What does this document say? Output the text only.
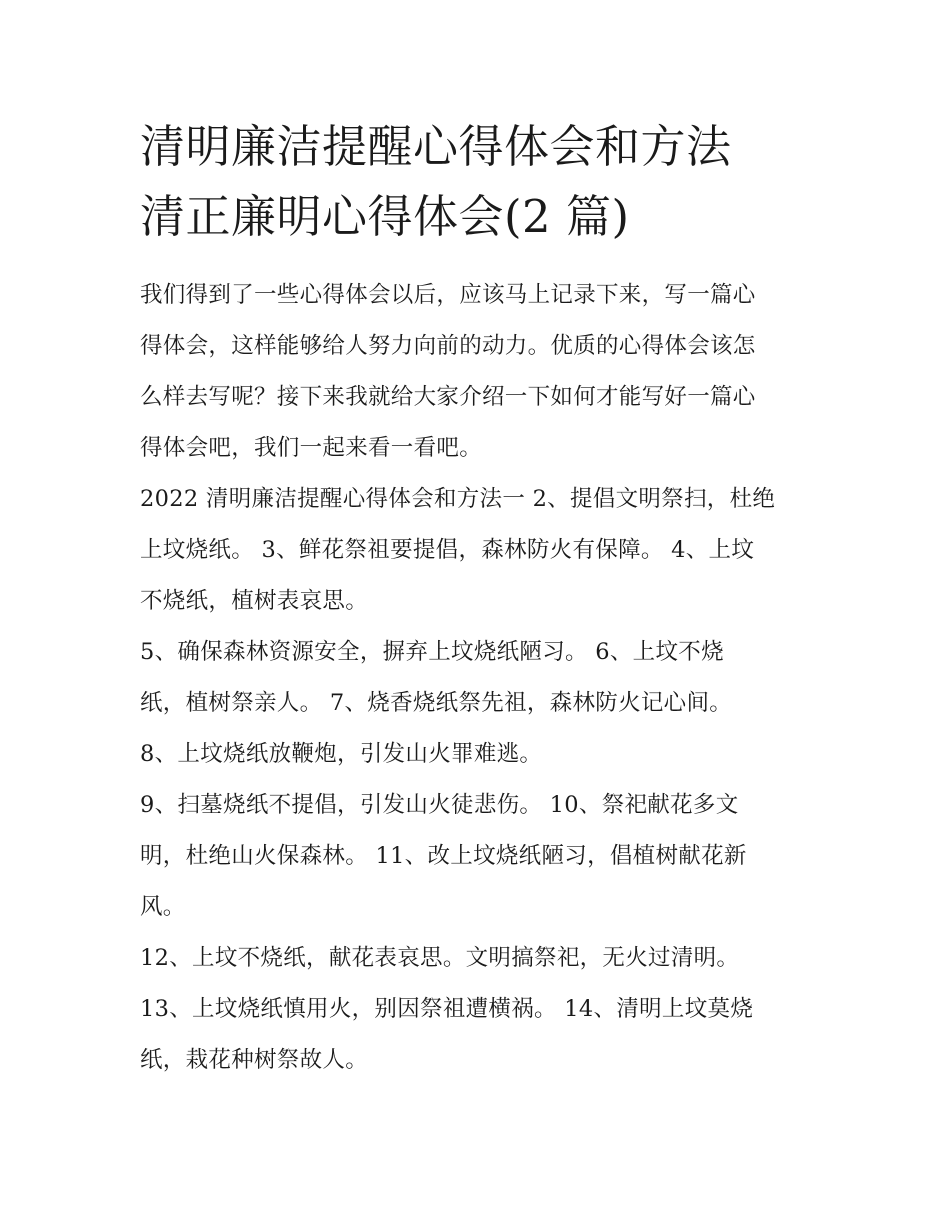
清明廉洁提醒心得体会和方法
清正廉明心得体会(2 篇)

我们得到了一些心得体会以后，应该马上记录下来，写一篇心
得体会，这样能够给人努力向前的动力。优质的心得体会该怎
么样去写呢？接下来我就给大家介绍一下如何才能写好一篇心
得体会吧，我们一起来看一看吧。

2022 清明廉洁提醒心得体会和方法一 2、提倡文明祭扫，杜绝
上坟烧纸。 3、鲜花祭祖要提倡，森林防火有保障。 4、上坟
不烧纸，植树表哀思。

5、确保森林资源安全，摒弃上坟烧纸陋习。 6、上坟不烧
纸，植树祭亲人。 7、烧香烧纸祭先祖，森林防火记心间。

8、上坟烧纸放鞭炮，引发山火罪难逃。

9、扫墓烧纸不提倡，引发山火徒悲伤。 10、祭祀献花多文
明，杜绝山火保森林。 11、改上坟烧纸陋习，倡植树献花新
风。

12、上坟不烧纸，献花表哀思。文明搞祭祀，无火过清明。

13、上坟烧纸慎用火，别因祭祖遭横祸。 14、清明上坟莫烧
纸，栽花种树祭故人。
